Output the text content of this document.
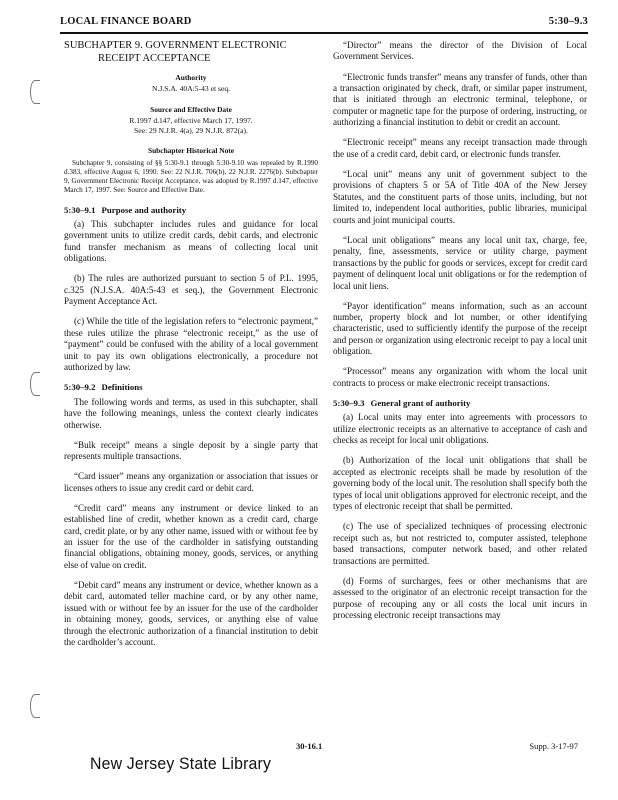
LOCAL FINANCE BOARD	5:30–9.3
SUBCHAPTER 9. GOVERNMENT ELECTRONIC
RECEIPT ACCEPTANCE
Authority
N.J.S.A. 40A:5-43 et seq.
Source and Effective Date
R.1997 d.147, effective March 17, 1997.
See: 29 N.J.R. 4(a), 29 N.J.R. 872(a).
Subchapter Historical Note
Subchapter 9, consisting of §§ 5:30-9.1 through 5:30-9.10 was repealed by R.1990 d.383, effective August 6, 1990. See: 22 N.J.R. 706(b), 22 N.J.R. 2276(b). Subchapter 9, Government Electronic Receipt Acceptance, was adopted by R.1997 d.147, effective March 17, 1997. See: Source and Effective Date.
5:30–9.1 Purpose and authority

(a) This subchapter includes rules and guidance for local government units to utilize credit cards, debit cards, and electronic fund transfer mechanism as means of collecting local unit obligations.

(b) The rules are authorized pursuant to section 5 of P.L. 1995, c.325 (N.J.S.A. 40A:5-43 et seq.), the Government Electronic Payment Acceptance Act.

(c) While the title of the legislation refers to “electronic payment,” these rules utilize the phrase “electronic receipt,” as the use of “payment” could be confused with the ability of a local government unit to pay its own obligations electronically, a procedure not authorized by law.

5:30–9.2 Definitions

The following words and terms, as used in this subchapter, shall have the following meanings, unless the context clearly indicates otherwise.

“Bulk receipt” means a single deposit by a single party that represents multiple transactions.

“Card issuer” means any organization or association that issues or licenses others to issue any credit card or debit card.

“Credit card” means any instrument or device linked to an established line of credit, whether known as a credit card, charge card, credit plate, or by any other name, issued with or without fee by an issuer for the use of the cardholder in satisfying outstanding financial obligations, obtaining money, goods, services, or anything else of value on credit.

“Debit card” means any instrument or device, whether known as a debit card, automated teller machine card, or by any other name, issued with or without fee by an issuer for the use of the cardholder in obtaining money, goods, services, or anything else of value through the electronic authorization of a financial institution to debit the cardholder’s account.

“Director” means the director of the Division of Local Government Services.

“Electronic funds transfer” means any transfer of funds, other than a transaction originated by check, draft, or similar paper instrument, that is initiated through an electronic terminal, telephone, or computer or magnetic tape for the purpose of ordering, instructing, or authorizing a financial institution to debit or credit an account.

“Electronic receipt” means any receipt transaction made through the use of a credit card, debit card, or electronic funds transfer.

“Local unit” means any unit of government subject to the provisions of chapters 5 or 5A of Title 40A of the New Jersey Statutes, and the constituent parts of those units, including, but not limited to, independent local authorities, public libraries, municipal courts and joint municipal courts.

“Local unit obligations” means any local unit tax, charge, fee, penalty, fine, assessments, service or utility charge, payment transactions by the public for goods or services, except for credit card payment of delinquent local unit obligations or for the redemption of local unit liens.

“Payor identification” means information, such as an account number, property block and lot number, or other identifying characteristic, used to sufficiently identify the purpose of the receipt and person or organization using electronic receipt to pay a local unit obligation.

“Processor” means any organization with whom the local unit contracts to process or make electronic receipt transactions.

5:30–9.3 General grant of authority

(a) Local units may enter into agreements with processors to utilize electronic receipts as an alternative to acceptance of cash and checks as receipt for local unit obligations.

(b) Authorization of the local unit obligations that shall be accepted as electronic receipts shall be made by resolution of the governing body of the local unit. The resolution shall specify both the types of local unit obligations approved for electronic receipt, and the types of electronic receipt that shall be permitted.

(c) The use of specialized techniques of processing electronic receipt such as, but not restricted to, computer assisted, telephone based transactions, computer network based, and other related transactions are permitted.

(d) Forms of surcharges, fees or other mechanisms that are assessed to the originator of an electronic receipt transaction for the purpose of recouping any or all costs the local unit incurs in processing electronic receipt transactions may

30-16.1	Supp. 3-17-97
New Jersey State Library
